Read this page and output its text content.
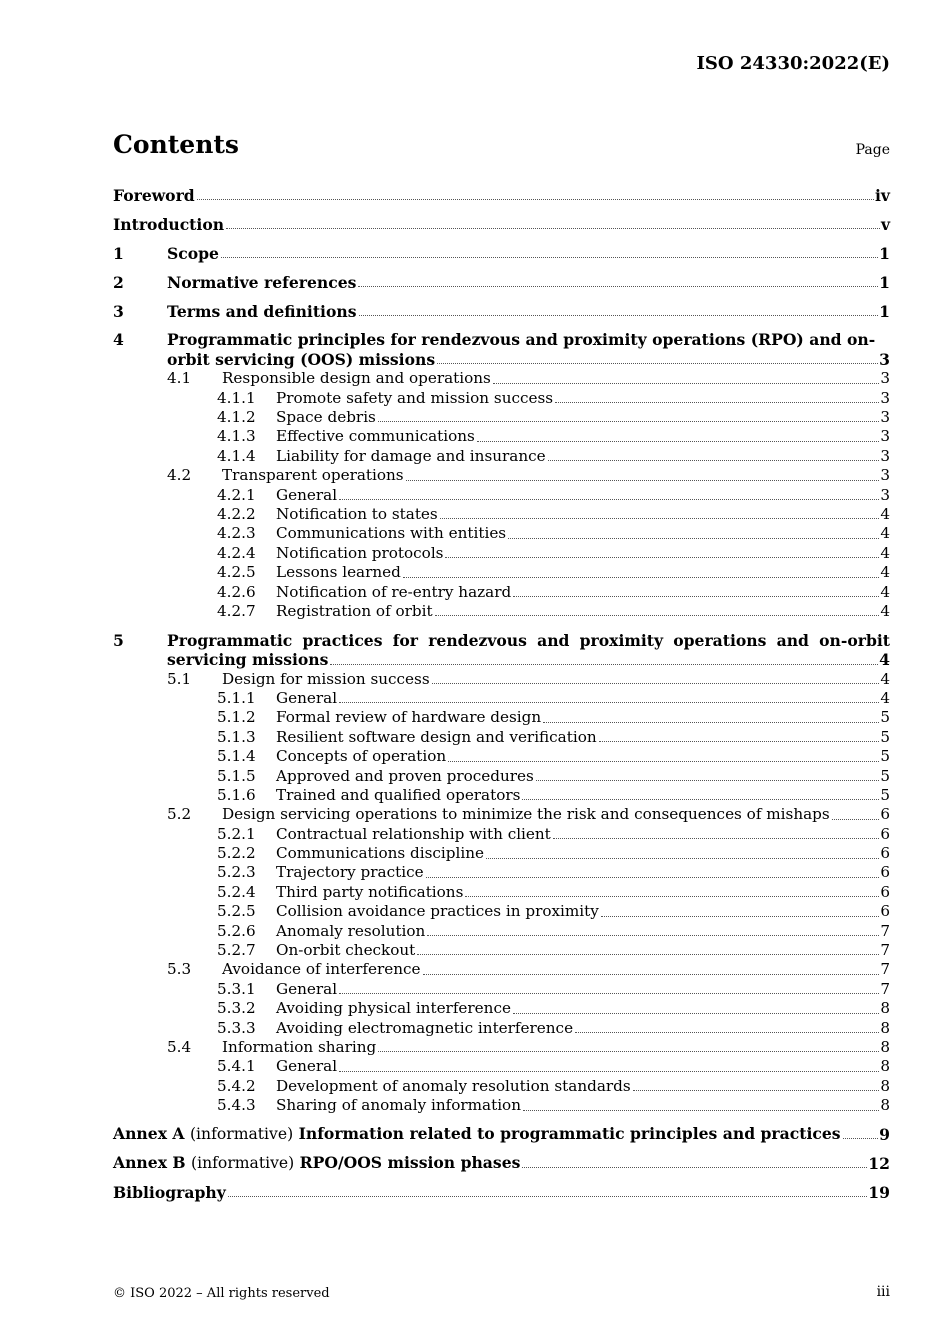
ISO 24330:2022(E)
Contents	Page
Foreword	iv
Introduction	v
1	Scope	1
2	Normative references	1
3	Terms and definitions	1
4	Programmatic principles for rendezvous and proximity operations (RPO) and on-
orbit servicing (OOS) missions	3
4.1	Responsible design and operations	3
4.1.1	Promote safety and mission success	3
4.1.2	Space debris	3
4.1.3	Effective communications	3
4.1.4	Liability for damage and insurance	3
4.2	Transparent operations	3
4.2.1	General	3
4.2.2	Notification to states	4
4.2.3	Communications with entities	4
4.2.4	Notification protocols	4
4.2.5	Lessons learned	4
4.2.6	Notification of re-entry hazard	4
4.2.7	Registration of orbit	4
5	Programmatic practices for rendezvous and proximity operations and on-orbit
servicing missions	4
5.1	Design for mission success	4
5.1.1	General	4
5.1.2	Formal review of hardware design	5
5.1.3	Resilient software design and verification	5
5.1.4	Concepts of operation	5
5.1.5	Approved and proven procedures	5
5.1.6	Trained and qualified operators	5
5.2	Design servicing operations to minimize the risk and consequences of mishaps	6
5.2.1	Contractual relationship with client	6
5.2.2	Communications discipline	6
5.2.3	Trajectory practice	6
5.2.4	Third party notifications	6
5.2.5	Collision avoidance practices in proximity	6
5.2.6	Anomaly resolution	7
5.2.7	On-orbit checkout	7
5.3	Avoidance of interference	7
5.3.1	General	7
5.3.2	Avoiding physical interference	8
5.3.3	Avoiding electromagnetic interference	8
5.4	Information sharing	8
5.4.1	General	8
5.4.2	Development of anomaly resolution standards	8
5.4.3	Sharing of anomaly information	8
Annex A (informative) Information related to programmatic principles and practices 9
Annex B (informative) RPO/OOS mission phases	12
Bibliography	19
© ISO 2022 – All rights reserved	iii
